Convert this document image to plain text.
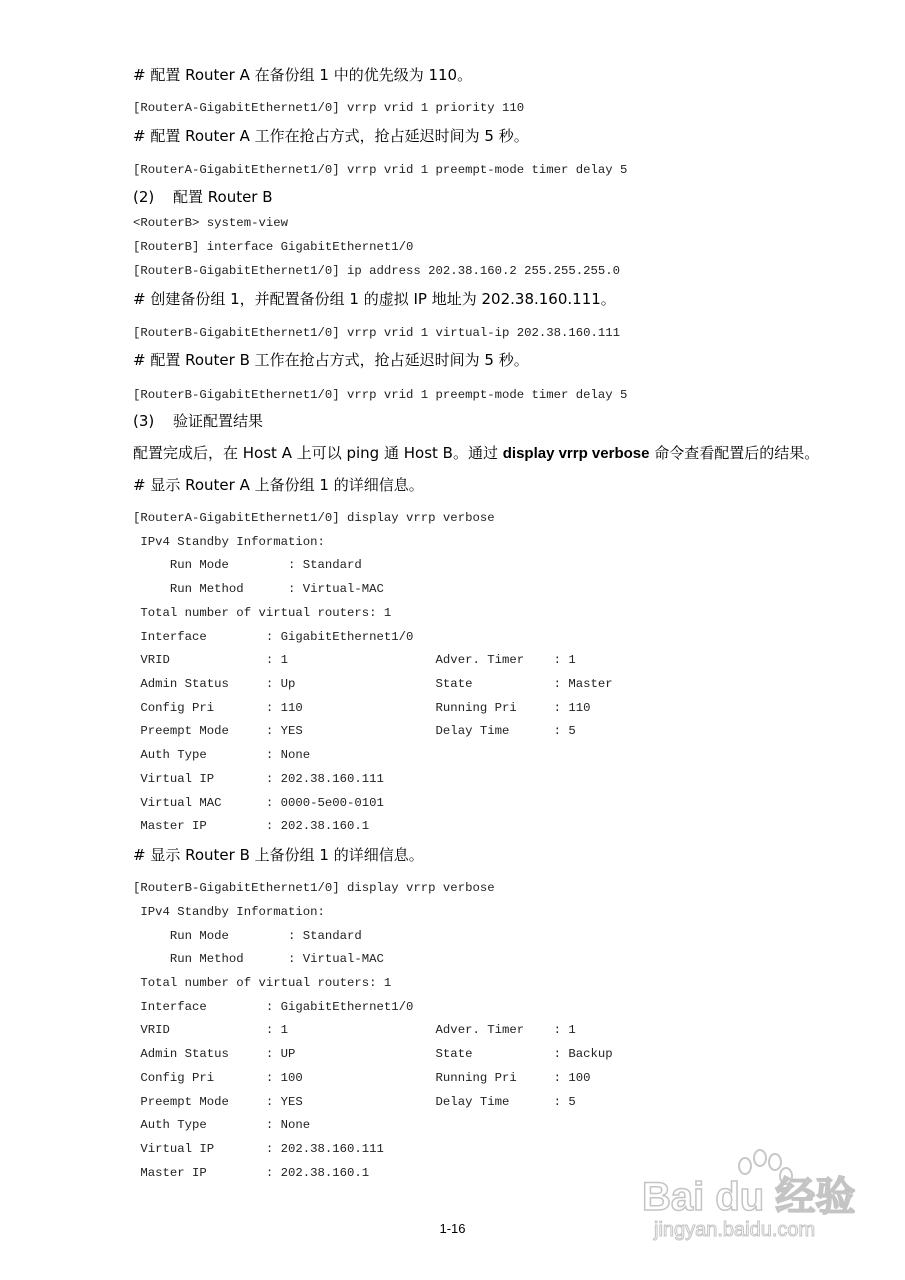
# 配置 Router A 在备份组 1 中的优先级为 110。
[RouterA-GigabitEthernet1/0] vrrp vrid 1 priority 110
# 配置 Router A 工作在抢占方式，抢占延迟时间为 5 秒。
[RouterA-GigabitEthernet1/0] vrrp vrid 1 preempt-mode timer delay 5
(2) 配置 Router B
<RouterB> system-view
[RouterB] interface GigabitEthernet1/0
[RouterB-GigabitEthernet1/0] ip address 202.38.160.2 255.255.255.0
# 创建备份组 1，并配置备份组 1 的虚拟 IP 地址为 202.38.160.111。
[RouterB-GigabitEthernet1/0] vrrp vrid 1 virtual-ip 202.38.160.111
# 配置 Router B 工作在抢占方式，抢占延迟时间为 5 秒。
[RouterB-GigabitEthernet1/0] vrrp vrid 1 preempt-mode timer delay 5
(3) 验证配置结果
配置完成后，在 Host A 上可以 ping 通 Host B。通过 display vrrp verbose 命令查看配置后的结果。
# 显示 Router A 上备份组 1 的详细信息。
[RouterA-GigabitEthernet1/0] display vrrp verbose
IPv4 Standby Information:
Run Mode        : Standard
Run Method      : Virtual-MAC
Total number of virtual routers: 1
Interface        : GigabitEthernet1/0
VRID             : 1                    Adver. Timer    : 1
Admin Status     : Up                   State           : Master
Config Pri       : 110                  Running Pri     : 110
Preempt Mode     : YES                  Delay Time      : 5
Auth Type        : None
Virtual IP       : 202.38.160.111
Virtual MAC      : 0000-5e00-0101
Master IP        : 202.38.160.1
# 显示 Router B 上备份组 1 的详细信息。
[RouterB-GigabitEthernet1/0] display vrrp verbose
IPv4 Standby Information:
Run Mode        : Standard
Run Method      : Virtual-MAC
Total number of virtual routers: 1
Interface        : GigabitEthernet1/0
VRID             : 1                    Adver. Timer    : 1
Admin Status     : UP                   State           : Backup
Config Pri       : 100                  Running Pri     : 100
Preempt Mode     : YES                  Delay Time      : 5
Auth Type        : None
Virtual IP       : 202.38.160.111
Master IP        : 202.38.160.1
1-16
Bai du 经验
jingyan.baidu.com
